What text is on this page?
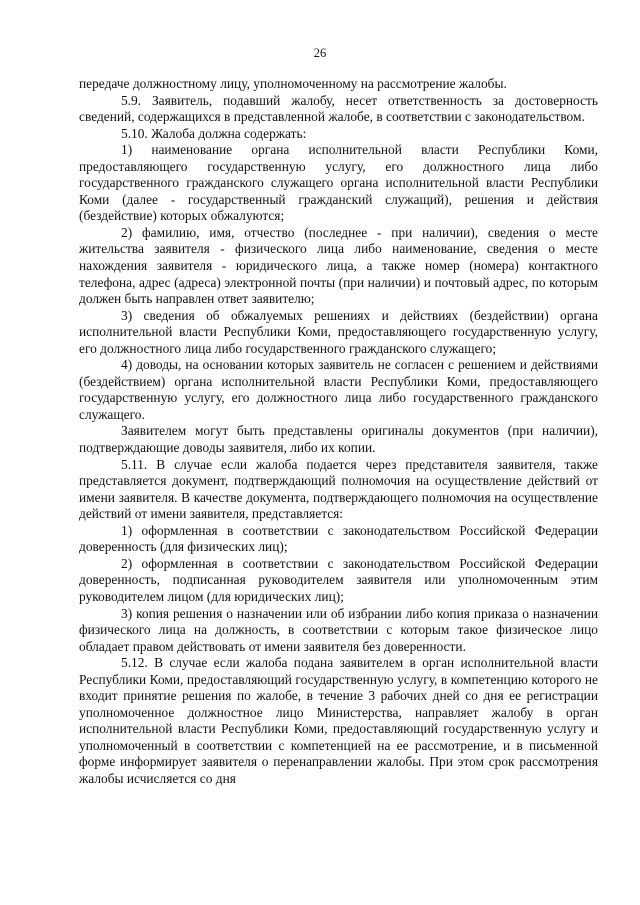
26

передаче должностному лицу, уполномоченному на рассмотрение жалобы.

5.9. Заявитель, подавший жалобу, несет ответственность за достоверность сведений, содержащихся в представленной жалобе, в соответствии с законодательством.

5.10. Жалоба должна содержать:

1) наименование органа исполнительной власти Республики Коми, предоставляющего государственную услугу, его должностного лица либо государственного гражданского служащего органа исполнительной власти Республики Коми (далее - государственный гражданский служащий), решения и действия (бездействие) которых обжалуются;

2) фамилию, имя, отчество (последнее - при наличии), сведения о месте жительства заявителя - физического лица либо наименование, сведения о месте нахождения заявителя - юридического лица, а также номер (номера) контактного телефона, адрес (адреса) электронной почты (при наличии) и почтовый адрес, по которым должен быть направлен ответ заявителю;

3) сведения об обжалуемых решениях и действиях (бездействии) органа исполнительной власти Республики Коми, предоставляющего государственную услугу, его должностного лица либо государственного гражданского служащего;

4) доводы, на основании которых заявитель не согласен с решением и действиями (бездействием) органа исполнительной власти Республики Коми, предоставляющего государственную услугу, его должностного лица либо государственного гражданского служащего.

Заявителем могут быть представлены оригиналы документов (при наличии), подтверждающие доводы заявителя, либо их копии.

5.11. В случае если жалоба подается через представителя заявителя, также представляется документ, подтверждающий полномочия на осуществление действий от имени заявителя. В качестве документа, подтверждающего полномочия на осуществление действий от имени заявителя, представляется:

1) оформленная в соответствии с законодательством Российской Федерации доверенность (для физических лиц);

2) оформленная в соответствии с законодательством Российской Федерации доверенность, подписанная руководителем заявителя или уполномоченным этим руководителем лицом (для юридических лиц);

3) копия решения о назначении или об избрании либо копия приказа о назначении физического лица на должность, в соответствии с которым такое физическое лицо обладает правом действовать от имени заявителя без доверенности.

5.12. В случае если жалоба подана заявителем в орган исполнительной власти Республики Коми, предоставляющий государственную услугу, в компетенцию которого не входит принятие решения по жалобе, в течение 3 рабочих дней со дня ее регистрации уполномоченное должностное лицо Министерства, направляет жалобу в орган исполнительной власти Республики Коми, предоставляющий государственную услугу и уполномоченный в соответствии с компетенцией на ее рассмотрение, и в письменной форме информирует заявителя о перенаправлении жалобы. При этом срок рассмотрения жалобы исчисляется со дня
